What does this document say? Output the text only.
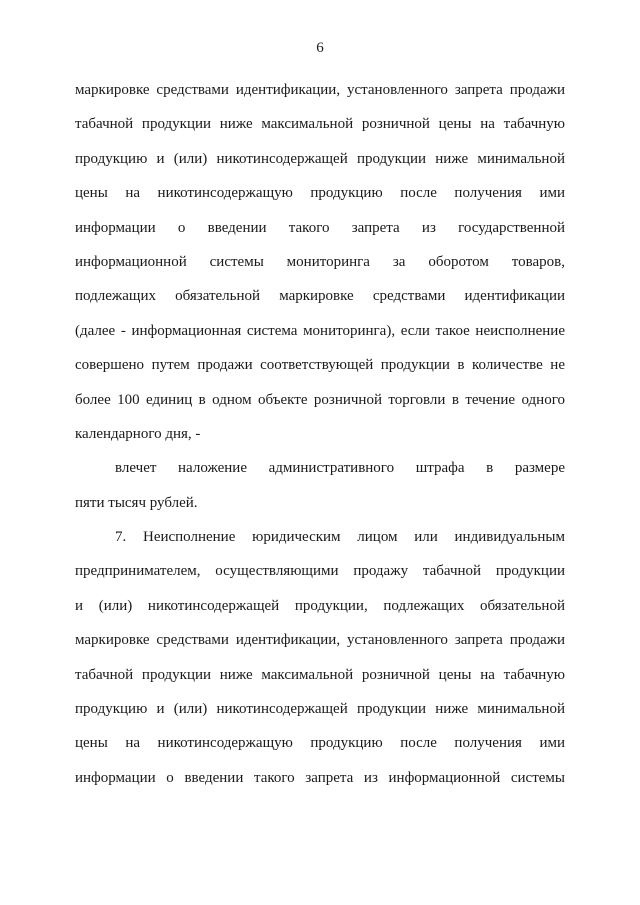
6
маркировке средствами идентификации, установленного запрета продажи
табачной продукции ниже максимальной розничной цены на табачную
продукцию и (или) никотинсодержащей продукции ниже минимальной
цены на никотинсодержащую продукцию после получения ими
информации о введении такого запрета из государственной
информационной системы мониторинга за оборотом товаров,
подлежащих обязательной маркировке средствами идентификации
(далее - информационная система мониторинга), если такое неисполнение
совершено путем продажи соответствующей продукции в количестве не
более 100 единиц в одном объекте розничной торговли в течение одного
календарного дня, -
влечет наложение административного штрафа в размере
пяти тысяч рублей.
7. Неисполнение юридическим лицом или индивидуальным
предпринимателем, осуществляющими продажу табачной продукции
и (или) никотинсодержащей продукции, подлежащих обязательной
маркировке средствами идентификации, установленного запрета продажи
табачной продукции ниже максимальной розничной цены на табачную
продукцию и (или) никотинсодержащей продукции ниже минимальной
цены на никотинсодержащую продукцию после получения ими
информации о введении такого запрета из информационной системы
